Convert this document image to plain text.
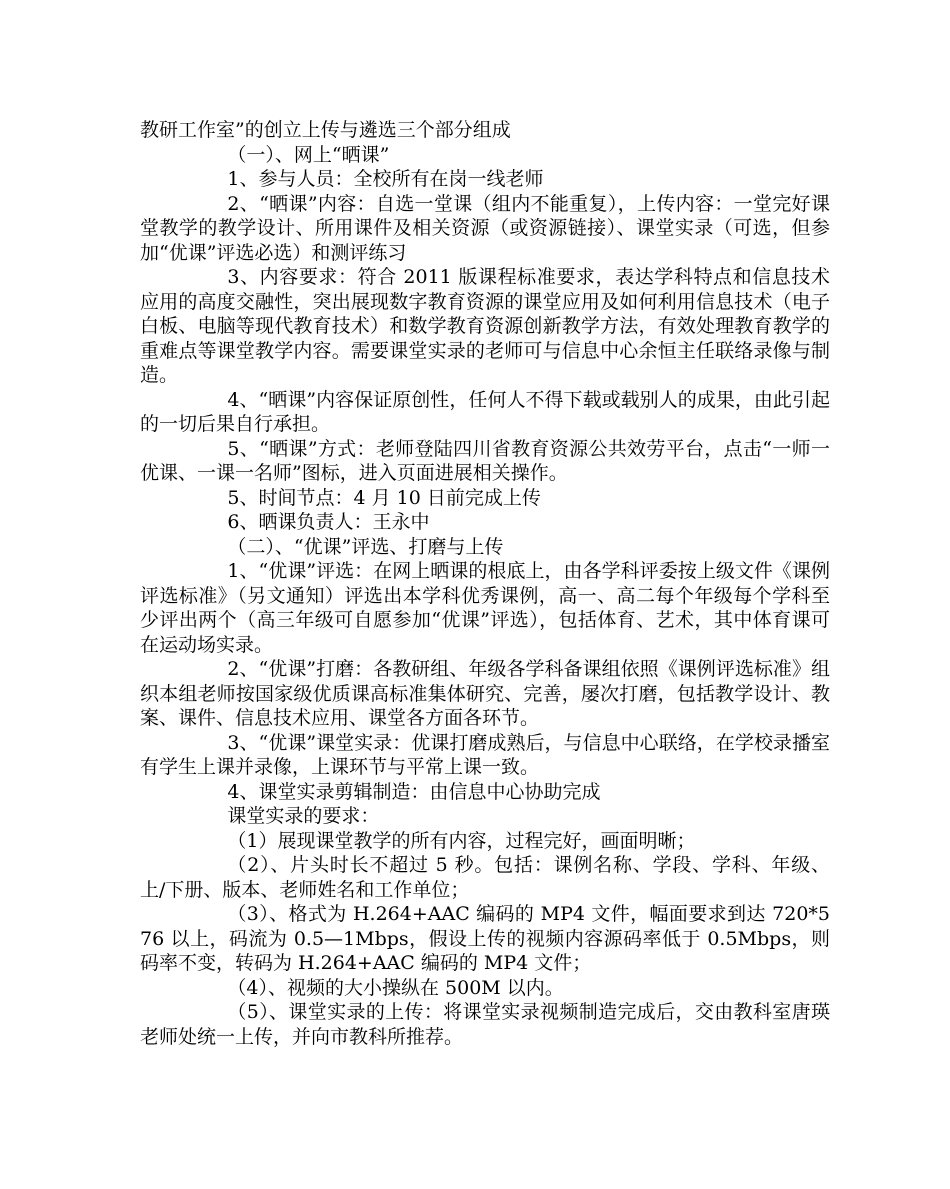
教研工作室”的创立上传与遴选三个部分组成

（一）、网上“晒课”

1、参与人员：全校所有在岗一线老师

2、“晒课”内容：自选一堂课（组内不能重复），上传内容：一堂完好课堂教学的教学设计、所用课件及相关资源（或资源链接）、课堂实录（可选，但参加“优课”评选必选）和测评练习

3、内容要求：符合 2011 版课程标准要求，表达学科特点和信息技术应用的高度交融性，突出展现数字教育资源的课堂应用及如何利用信息技术（电子白板、电脑等现代教育技术）和数学教育资源创新教学方法，有效处理教育教学的重难点等课堂教学内容。需要课堂实录的老师可与信息中心余恒主任联络录像与制造。

4、“晒课”内容保证原创性，任何人不得下载或载别人的成果，由此引起的一切后果自行承担。

5、“晒课”方式：老师登陆四川省教育资源公共效劳平台，点击“一师一优课、一课一名师”图标，进入页面进展相关操作。

5、时间节点：4 月 10 日前完成上传

6、晒课负责人：王永中

（二）、“优课”评选、打磨与上传

1、“优课”评选：在网上晒课的根底上，由各学科评委按上级文件《课例评选标准》（另文通知）评选出本学科优秀课例，高一、高二每个年级每个学科至少评出两个（高三年级可自愿参加“优课”评选），包括体育、艺术，其中体育课可在运动场实录。

2、“优课”打磨：各教研组、年级各学科备课组依照《课例评选标准》组织本组老师按国家级优质课高标准集体研究、完善，屡次打磨，包括教学设计、教案、课件、信息技术应用、课堂各方面各环节。

3、“优课”课堂实录：优课打磨成熟后，与信息中心联络，在学校录播室有学生上课并录像，上课环节与平常上课一致。

4、课堂实录剪辑制造：由信息中心协助完成

课堂实录的要求：

（1）展现课堂教学的所有内容，过程完好，画面明晰；

（2）、片头时长不超过 5 秒。包括：课例名称、学段、学科、年级、上/下册、版本、老师姓名和工作单位；

（3）、格式为 H.264+AAC 编码的 MP4 文件，幅面要求到达 720*576 以上，码流为 0.5—1Mbps，假设上传的视频内容源码率低于 0.5Mbps，则码率不变，转码为 H.264+AAC 编码的 MP4 文件；

（4）、视频的大小操纵在 500M 以内。

（5）、课堂实录的上传：将课堂实录视频制造完成后，交由教科室唐瑛老师处统一上传，并向市教科所推荐。
